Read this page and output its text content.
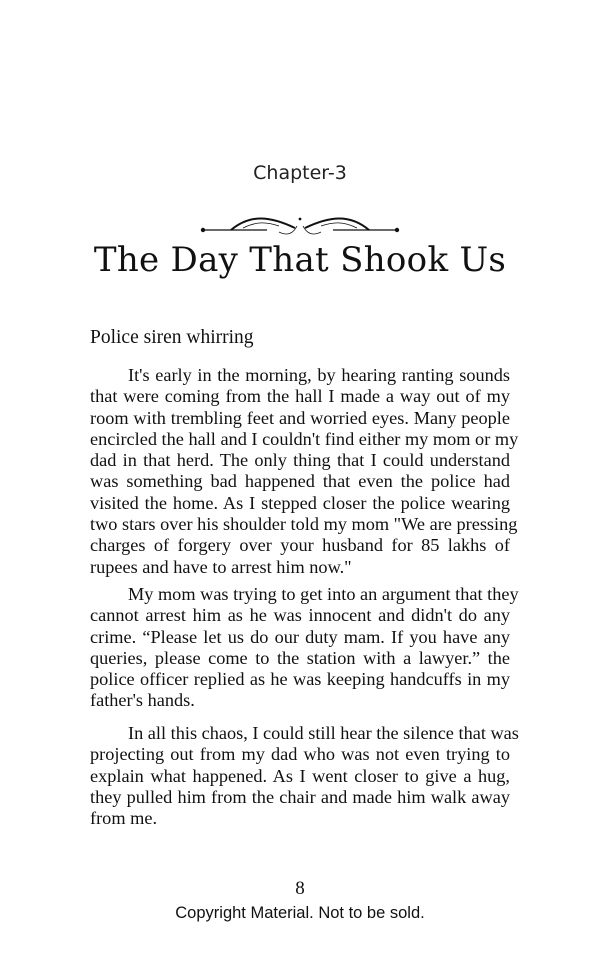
Chapter-3
The Day That Shook Us
Police siren whirring
It's early in the morning, by hearing ranting sounds
that were coming from the hall I made a way out of my
room with trembling feet and worried eyes. Many people
encircled the hall and I couldn't find either my mom or my
dad in that herd. The only thing that I could understand
was something bad happened that even the police had
visited the home. As I stepped closer the police wearing
two stars over his shoulder told my mom "We are pressing
charges of forgery over your husband for 85 lakhs of
rupees and have to arrest him now."
My mom was trying to get into an argument that they
cannot arrest him as he was innocent and didn't do any
crime. “Please let us do our duty mam. If you have any
queries, please come to the station with a lawyer.” the
police officer replied as he was keeping handcuffs in my
father's hands.
In all this chaos, I could still hear the silence that was
projecting out from my dad who was not even trying to
explain what happened. As I went closer to give a hug,
they pulled him from the chair and made him walk away
from me.
8
Copyright Material. Not to be sold.
